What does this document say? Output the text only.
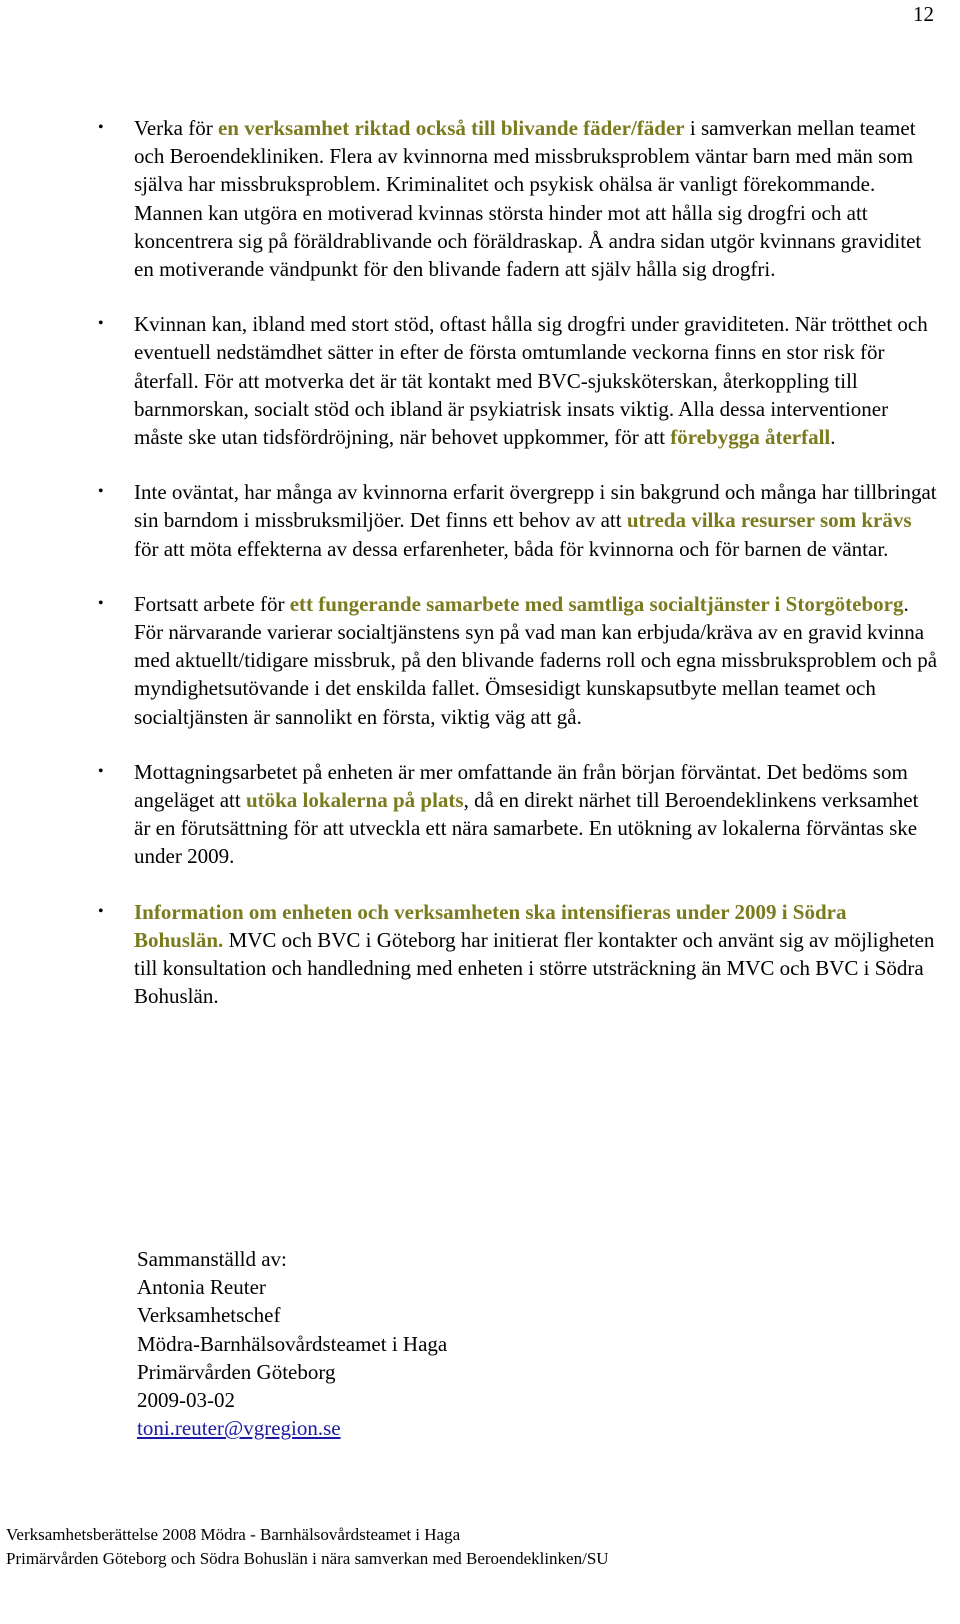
12
• Verka för en verksamhet riktad också till blivande fäder/fäder i samverkan mellan teamet och Beroendekliniken. Flera av kvinnorna med missbruksproblem väntar barn med män som själva har missbruksproblem. Kriminalitet och psykisk ohälsa är vanligt förekommande. Mannen kan utgöra en motiverad kvinnas största hinder mot att hålla sig drogfri och att koncentrera sig på föräldrablivande och föräldraskap. Å andra sidan utgör kvinnans graviditet en motiverande vändpunkt för den blivande fadern att själv hålla sig drogfri.
• Kvinnan kan, ibland med stort stöd, oftast hålla sig drogfri under graviditeten. När trötthet och eventuell nedstämdhet sätter in efter de första omtumlande veckorna finns en stor risk för återfall. För att motverka det är tät kontakt med BVC-sjuksköterskan, återkoppling till barnmorskan, socialt stöd och ibland är psykiatrisk insats viktig. Alla dessa interventioner måste ske utan tidsfördröjning, när behovet uppkommer, för att förebygga återfall.
• Inte oväntat, har många av kvinnorna erfarit övergrepp i sin bakgrund och många har tillbringat sin barndom i missbruksmiljöer. Det finns ett behov av att utreda vilka resurser som krävs för att möta effekterna av dessa erfarenheter, båda för kvinnorna och för barnen de väntar.
• Fortsatt arbete för ett fungerande samarbete med samtliga socialtjänster i Storgöteborg. För närvarande varierar socialtjänstens syn på vad man kan erbjuda/kräva av en gravid kvinna med aktuellt/tidigare missbruk, på den blivande faderns roll och egna missbruksproblem och på myndighetsutövande i det enskilda fallet. Ömsesidigt kunskapsutbyte mellan teamet och socialtjänsten är sannolikt en första, viktig väg att gå.
• Mottagningsarbetet på enheten är mer omfattande än från början förväntat. Det bedöms som angeläget att utöka lokalerna på plats, då en direkt närhet till Beroendeklinkens verksamhet är en förutsättning för att utveckla ett nära samarbete. En utökning av lokalerna förväntas ske under 2009.
• Information om enheten och verksamheten ska intensifieras under 2009 i Södra Bohuslän. MVC och BVC i Göteborg har initierat fler kontakter och använt sig av möjligheten till konsultation och handledning med enheten i större utsträckning än MVC och BVC i Södra Bohuslän.
Sammanställd av:
Antonia Reuter
Verksamhetschef
Mödra-Barnhälsovårdsteamet i Haga
Primärvården Göteborg
2009-03-02
toni.reuter@vgregion.se
Verksamhetsberättelse 2008 Mödra - Barnhälsovårdsteamet i Haga
Primärvården Göteborg och Södra Bohuslän i nära samverkan med Beroendeklinken/SU
